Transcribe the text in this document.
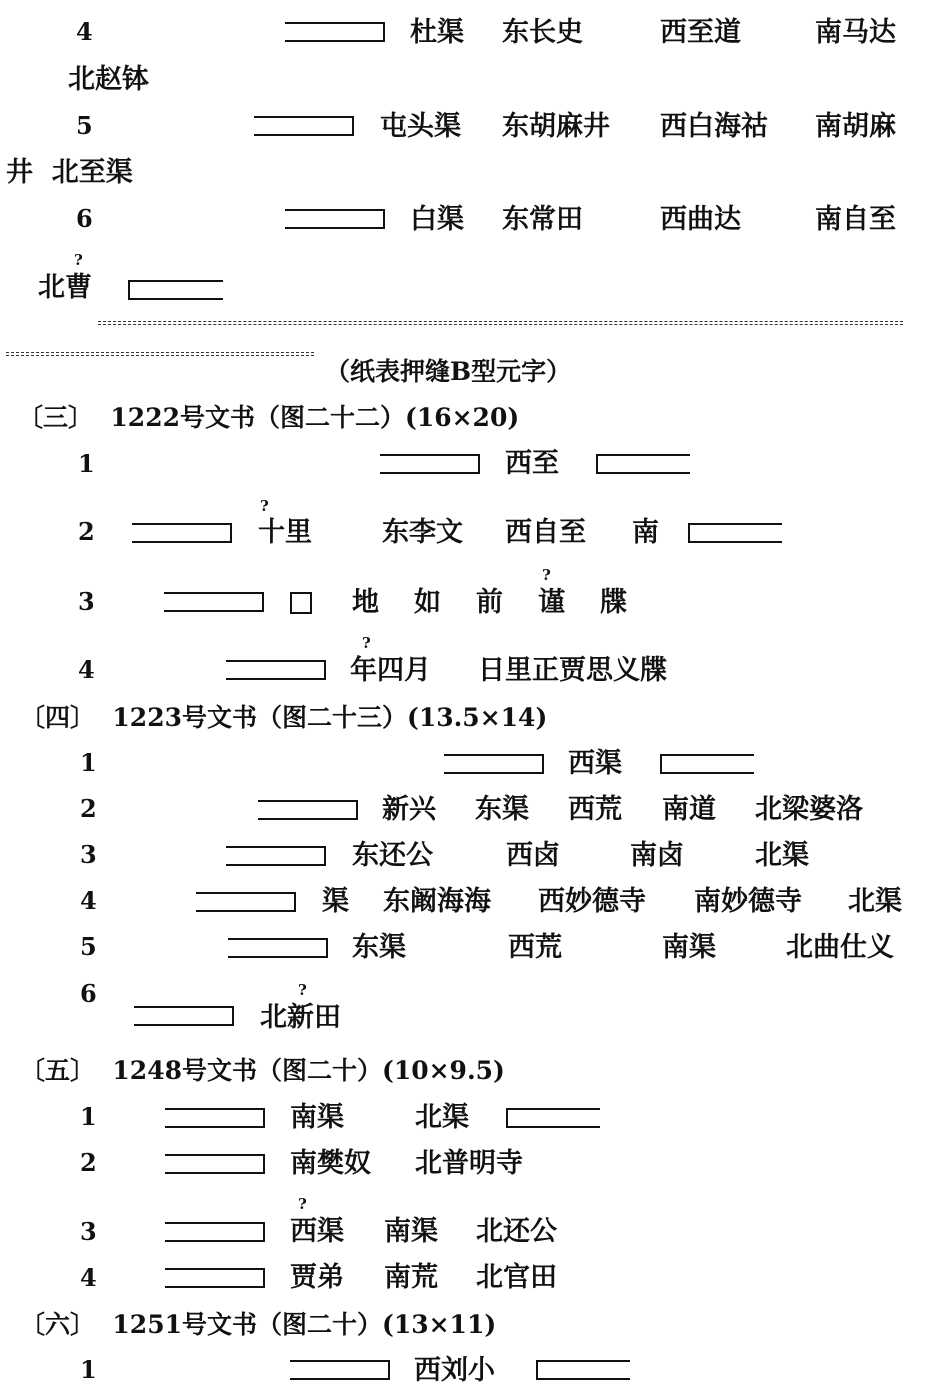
4	杜渠 东长史	西至道	南马达
北赵钵
5	屯头渠 东胡麻井 西白海祜 南胡麻
井  北至渠
6	白渠 东常田	西曲达	南自至
?
北曹
（纸表押缝B型元字）
〔三〕  1222号文书（图二十二）(16×20)
1	西至
2
?
十里	东李文 西自至 南
3	地 如 前
?
谨 牒
4
?
年四月 日里正贾思义牒
〔四〕  1223号文书（图二十三）(13.5×14)
1	西渠
2	新兴 东渠 西荒 南道 北梁婆洛
3	东还公	西卤	南卤	北渠
4	渠 东阚海海 西妙德寺 南妙德寺 北渠
5	东渠	西荒	南渠	北曲仕义
6	?
北新田
〔五〕  1248号文书（图二十）(10×9.5)
1	南渠	北渠
2	南樊奴 北普明寺
3
?
西渠 南渠 北还公
4	贾弟 南荒 北官田
〔六〕  1251号文书（图二十）(13×11)
1	西刘小
